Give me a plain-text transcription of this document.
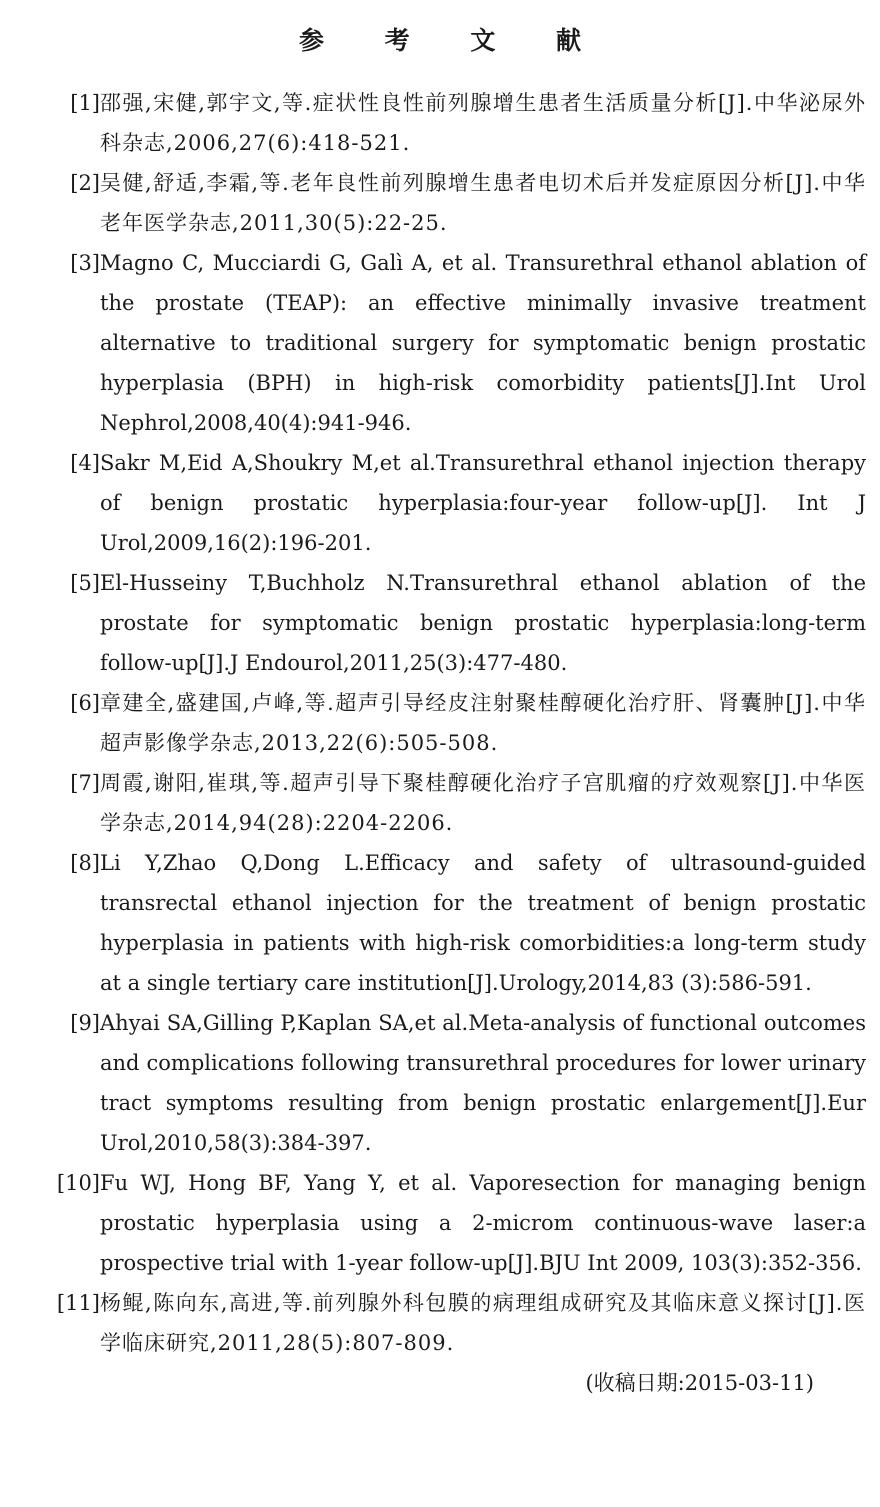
参 考 文 献
[1] 邵强,宋健,郭宇文,等.症状性良性前列腺增生患者生活质量分析[J].中华泌尿外科杂志,2006,27(6):418-521.
[2] 吴健,舒适,李霜,等.老年良性前列腺增生患者电切术后并发症原因分析[J].中华老年医学杂志,2011,30(5):22-25.
[3] Magno C, Mucciardi G, Galì A, et al. Transurethral ethanol ablation of the prostate (TEAP): an effective minimally invasive treatment alternative to traditional surgery for symptomatic benign prostatic hyperplasia (BPH) in high-risk comorbidity patients[J].Int Urol Nephrol,2008,40(4):941-946.
[4] Sakr M,Eid A,Shoukry M,et al.Transurethral ethanol injection therapy of benign prostatic hyperplasia:four-year follow-up[J]. Int J Urol,2009,16(2):196-201.
[5] El-Husseiny T,Buchholz N.Transurethral ethanol ablation of the prostate for symptomatic benign prostatic hyperplasia:long-term follow-up[J].J Endourol,2011,25(3):477-480.
[6] 章建全,盛建国,卢峰,等.超声引导经皮注射聚桂醇硬化治疗肝、肾囊肿[J].中华超声影像学杂志,2013,22(6):505-508.
[7] 周霞,谢阳,崔琪,等.超声引导下聚桂醇硬化治疗子宫肌瘤的疗效观察[J].中华医学杂志,2014,94(28):2204-2206.
[8] Li Y,Zhao Q,Dong L.Efficacy and safety of ultrasound-guided transrectal ethanol injection for the treatment of benign prostatic hyperplasia in patients with high-risk comorbidities:a long-term study at a single tertiary care institution[J].Urology,2014,83 (3):586-591.
[9] Ahyai SA,Gilling P,Kaplan SA,et al.Meta-analysis of functional outcomes and complications following transurethral procedures for lower urinary tract symptoms resulting from benign prostatic enlargement[J].Eur Urol,2010,58(3):384-397.
[10] Fu WJ, Hong BF, Yang Y, et al. Vaporesection for managing benign prostatic hyperplasia using a 2-microm continuous-wave laser:a prospective trial with 1-year follow-up[J].BJU Int 2009, 103(3):352-356.
[11] 杨鲲,陈向东,高进,等.前列腺外科包膜的病理组成研究及其临床意义探讨[J].医学临床研究,2011,28(5):807-809.
(收稿日期:2015-03-11)
